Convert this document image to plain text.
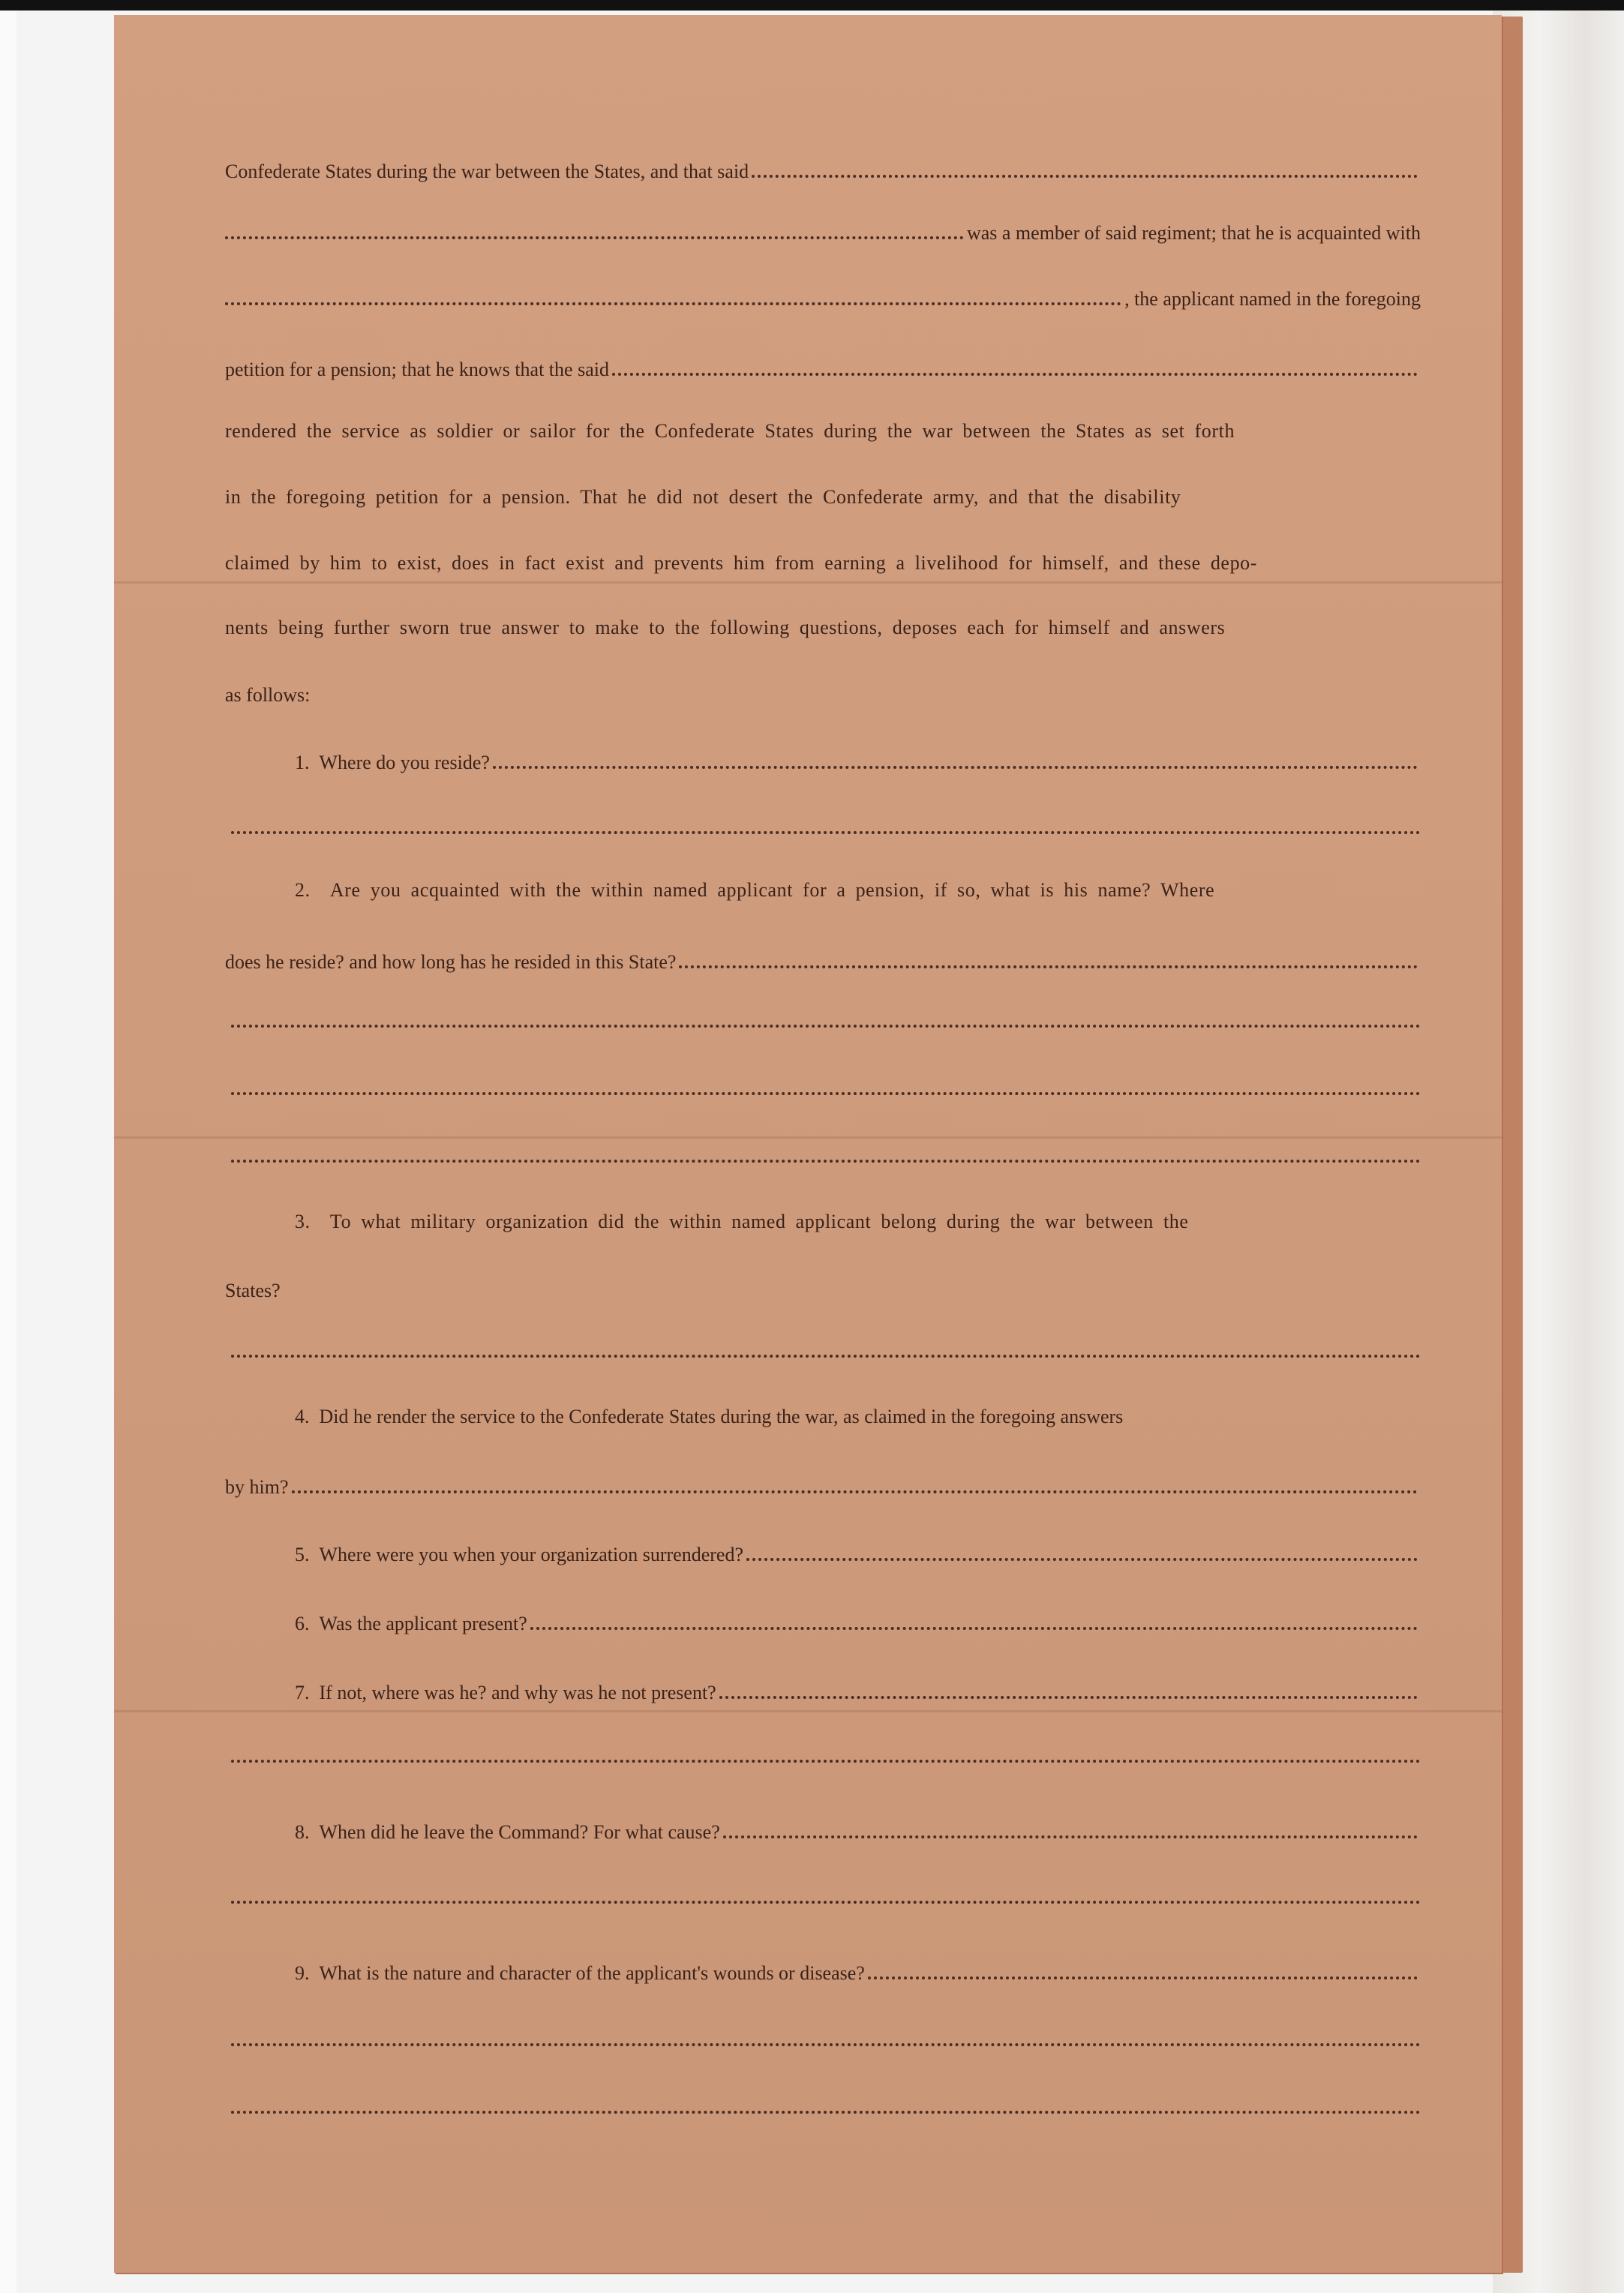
Confederate States during the war between the States, and that said
was a member of said regiment; that he is acquainted with
, the applicant named in the foregoing
petition for a pension; that he knows that the said
rendered the service as soldier or sailor for the Confederate States during the war between the States as set forth
in the foregoing petition for a pension. That he did not desert the Confederate army, and that the disability
claimed by him to exist, does in fact exist and prevents him from earning a livelihood for himself, and these depo-
nents being further sworn true answer to make to the following questions, deposes each for himself and answers
as follows:
1.
Where do you reside?
2.
Are you acquainted with the within named applicant for a pension, if so, what is his name? Where
does he reside? and how long has he resided in this State?
3.
To what military organization did the within named applicant belong during the war between the
States?
4.
Did he render the service to the Confederate States during the war, as claimed in the foregoing answers
by him?
5.
Where were you when your organization surrendered?
6.
Was the applicant present?
7.
If not, where was he? and why was he not present?
8.
When did he leave the Command? For what cause?
9.
What is the nature and character of the applicant's wounds or disease?
